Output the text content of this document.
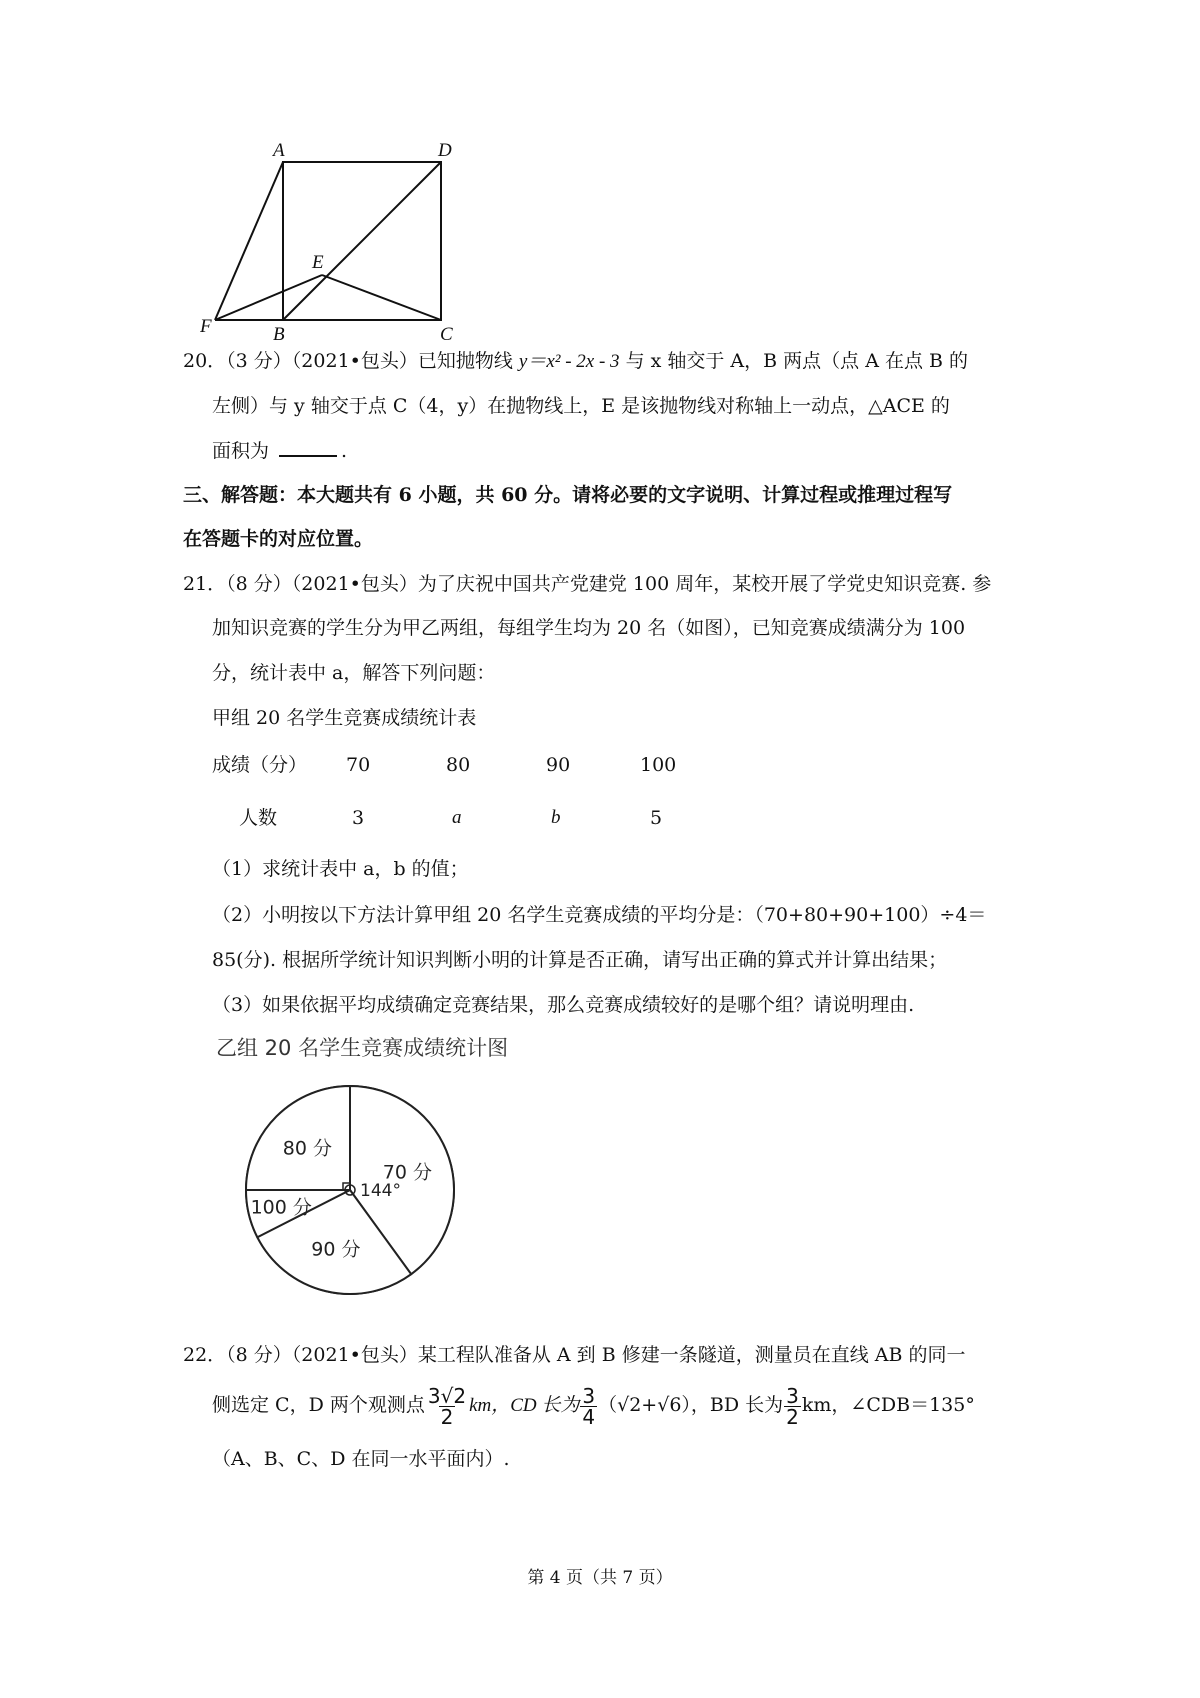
A	D
E
F	B	C
20．（3 分）（2021•包头）已知抛物线 y＝x² - 2x - 3 与 x 轴交于 A，B 两点（点 A 在点 B 的
左侧）与 y 轴交于点 C（4，y）在抛物线上，E 是该抛物线对称轴上一动点，△ACE 的
面积为	.
三、解答题：本大题共有 6 小题，共 60 分。请将必要的文字说明、计算过程或推理过程写
在答题卡的对应位置。
21．（8 分）（2021•包头）为了庆祝中国共产党建党 100 周年，某校开展了学党史知识竞赛. 参
加知识竞赛的学生分为甲乙两组，每组学生均为 20 名（如图），已知竞赛成绩满分为 100
分，统计表中 a，解答下列问题：
甲组 20 名学生竞赛成绩统计表
成绩（分） 70	80	90	100
人数	3	a	b	5
（1）求统计表中 a，b 的值；
（2）小明按以下方法计算甲组 20 名学生竞赛成绩的平均分是：（70+80+90+100）÷4＝
85(分). 根据所学统计知识判断小明的计算是否正确，请写出正确的算式并计算出结果；
（3）如果依据平均成绩确定竞赛结果，那么竞赛成绩较好的是哪个组？请说明理由.
乙组 20 名学生竞赛成绩统计图
70 分
90 分
100 分
80 分
144°
22．（8 分）（2021•包头）某工程队准备从 A 到 B 修建一条隧道，测量员在直线 AB 的同一
侧选定 C，D 两个观测点 $\frac{3√2}{2}$ km，CD 长为 $\frac{3}{4} (√2+√6)$，BD 长为 $\frac{3}{2}$ km，∠CDB＝135°
（A、B、C、D 在同一水平面内）.
第 4 页（共 7 页）
